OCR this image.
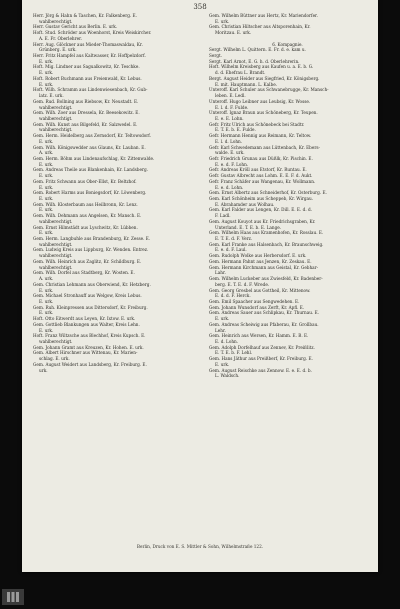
358
Herr. Jörg & Hahn & Taschen, Kr. Falkenberg. E.
wahlberechtigt.
Herr. Gustav Gericht aus Berlin. E. urk.
Hoft. Stud. Schröder aus Woenhorst, Kreis Weiskircher.
A. E. Fr. Oberlehrer.
Herr. Aug. Glöckner aus Mieder-Thomaswaldau, Kr.
Grünberg. E. urk.
Herr. Fritz Hampfel aus Kaltwasser, Kr. Hoffpelzdorf.
E. urk.
Hoft. Mig. Lindner aus Sagualkowitz, Kr. Teschke.
E. urk.
Hoft. Robert Buchmann aus Freienwald, Kr. Lebus.
E. urk.
Hoft. Wilh. Schramm aus Lindenwiesenbach, Kr. Gub-
latz. E. urk.
Gem. Rud. Bollning aus Riebsow, Kr. Neustadt. E.
wahlberechtigt.
Gem. Wilh. Zoer aus Dressela, Kr. Beesekowitz. E.
wahlberechtigt.
Gem. Wilh. Kunst aus Bilgefeld, Kr. Salzwedel. E.
wahlberechtigt.
Gem. Herm. Heidelberg aus Zernsdorf, Kr. Teltowsdorf.
E. urk.
Gem. Wilh. Königswedder aus Glauns, Kr. Lauban. E.
A. urk.
Gem. Herm. Böhm aus Lindenaufschlag, Kr. Zittenwalde.
E. urk.
Gem. Andreas Theile aus Blankenhain, Kr. Landsberg.
E. urk.
Gem. Fritz Schwann aus Ober-Ellst, Kr. Beltzhof.
E. urk.
Gem. Robert Harms aus Boniegsdorf, Kr. Löwenberg.
E. urk.
Gem. Wilh. Klosterbaum aus Heilbronn, Kr. Lenz.
E. urk.
Gem. Wilh. Dehmann aus Angelsen, Kr. Mansch. E.
wahlberechtigt.
Gem. Ernst Hilmstädt aus Lyschwitz, Kr. Lübben.
E. urk.
Gem. Herm. Langbuhle aus Brandenburg, Kr. Zesse. E.
wahlberechtigt.
Gem. Ludwig Kreis aus Lippburg, Kr. Wenden. Entrez.
wahlberechtigt.
Gem. Wilh. Heinrich aus Zaglitz, Kr. Schildburg. E.
wahlberechtigt.
Gem. Wilh. Dorfel aus Stadtberg, Kr. Wosten. E.
A. urk.
Gem. Christian Lehmann aus Oberwiend, Kr. Hetzberg.
E. urk.
Gem. Michael Stronhauff aus Welgow, Kreis Lebus.
E. urk.
Gem. Ruh. Kleinpressen aus Dittersdorf, Kr. Freiburg.
E. urk.
Hoft. Otto Eitwerdt aus Leyen, Kr. Ixtow. E. urk.
Gem. Gottlieb Blankungen aus Walter, Kreis Lehn.
E. urk.
Hoft. Franz Wiltzsche aus Blechhof, Kreis Kupsch. E.
wahlberechtigt.
Gem. Johann Gramt aus Kreuzen, Kr. Hohen. E. urk.
Gem. Albert Hirschner aus Wittenau, Kr. Marien-
schlag. E. urk.
Gem. August Weidert aus Landsberg, Kr. Freiburg. E.
urk.
Gem. Wilhelm Büttner aus Hertz, Kr. Mariendorfer.
E. urk.
Gem. Christian Hiltscher aus Altsporenhain, Kr.
Moritzau. E. urk.
6. Kompagnie.
Sergt. Wilhelm L. Quittern. E. Fr. d. e. kam u.
Sergt.
Sergt. Karl Arnot, E. G. h. d. Oberlehrerin.
Hoft. Wilhelm Kreisberg aus Kaufen u. a. E. b. G.
d. d. Ehefrau L. Brandt.
Bergt. August Heider aus Siegfried, Kr. Königsberg.
E. mit. Hauptmann. L. Kalbe.
Unteroff. Karl Schuler aus Schwanebrugge, Kr. Mansch-
leben. E. Ledl.
Unteroff. Hugo Leibner aus Leubsig, Kr. Wosse.
E. l. d. F. Fulde.
Unteroff. Ignaz Braun aus Schöneberg, Kr. Teupen.
E. e. E. Lohn.
Gefr. Fritz Ulrich aus Schönebeck bei Stadtr.
E. T. E. b. E. Fulde.
Gefr. Hermann Hennig aus Reimann, Kr. Teltow.
E. l. d. Lohn.
Gefr. Karl Schwedemann aus Lüttenbach, Kr. Ebers-
walde. E. urk.
Gefr. Friedrich Grunau aus Düßlk, Kr. Pischin. E.
E. e. d. F. Lohn.
Gefr. Andreas Kröll aus Etstorf, Kr. Runtau. E.
Gefr. Gustav Albrecht aus Lohm. E. E. F. d. Aukt.
Gefr. Franz Schäfer aus Wangenau, Kr. Wollmann.
E. e. d. Lohn.
Gem. Ernst Albertz aus Schneiderhof, Kr. Osterburg. E.
Gem. Karl Schönheim aus Scheppeb, Kr. Wirgau.
E. Abrahamder aus Wolhau.
Gem. Karl Falder aus Lengen, Kr. Dill. E. E. d. d.
F. Ladl.
Gem. August Kouyot aus Kr. Friedrichsgraben, Kr.
Unterland. E. T. E. b. E. Lange.
Gem. Wilhelm Haas aus Kramenhofen, Kr. Rosslau. E.
E. T. E. d. F. Verz.
Gem. Karl Franke aus Halsenbach, Kr. Braunschweig.
E. e. d. F. Laul.
Gem. Rudolph Wolke aus Herbersdorf. E. urk.
Gem. Hermann Pahnt aus Jenzen, Kr. Zeskau. E.
Gem. Hermann Kirchmann aus Geistal, Kr. Gebhar-
Lahr.
Gem. Wilhelm Luckeber aus Zwiesfeld, Kr. Badenber-
berg. E. T. E. d. F. Wrede.
Gem. Georg Gresbel aus Gottheil, Kr. Mittenow.
E. d. d. F. Herck.
Gem. Emil Spaacher aus Sengwedehen. E.
Gem. Johann Wunsdorf aus Zerft, Kr. Apfl. E.
Gem. Andreas Sauer aus Schlipkau, Kr. Thurnau. E.
E. urk.
Gem. Andreas Scheiwig aus Pfaberau, Kr. Grollbau.
Lehr.
Gem. Heinrich aus Wersen, Kr. Hamm. E. B. E.
E. d. Lohn.
Gem. Adolph Dorfelhauf aus Zennev, Kr. Preißlitz.
E. T. E. b. F. Lehl.
Gem. Hans Jäthur aus Preißberf, Kr. Freiburg. E.
E. urk.
Gem. August Reischke aus Zennow. E. e. E. d. b.
L. Waldsch.
Berlin, Druck von E. S. Mittler & Sohn, Wilhelmstraße 122.
